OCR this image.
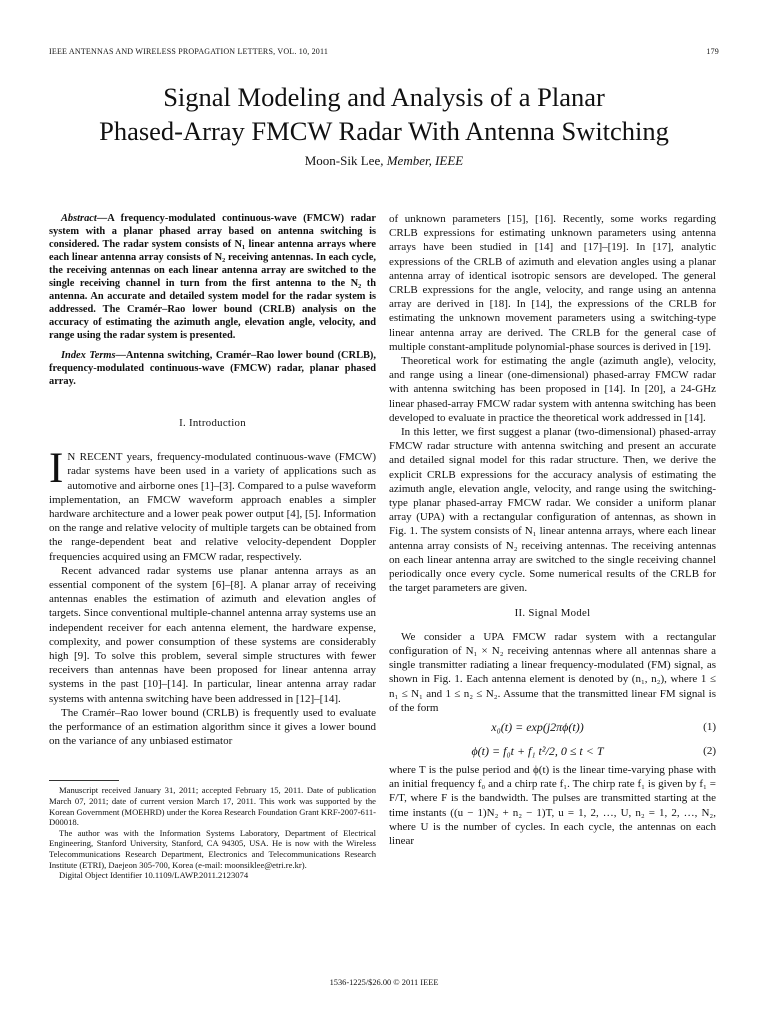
IEEE ANTENNAS AND WIRELESS PROPAGATION LETTERS, VOL. 10, 2011	179
Signal Modeling and Analysis of a Planar
Phased-Array FMCW Radar With Antenna Switching
Moon-Sik Lee, Member, IEEE

Abstract—A frequency-modulated continuous-wave (FMCW) radar system with a planar phased array based on antenna switching is considered. The radar system consists of N₁ linear antenna arrays where each linear antenna array consists of N₂ receiving antennas. In each cycle, the receiving antennas on each linear antenna array are switched to the single receiving channel in turn from the first antenna to the N₂ th antenna. An accurate and detailed system model for the radar system is addressed. The Cramér–Rao lower bound (CRLB) analysis on the accuracy of estimating the azimuth angle, elevation angle, velocity, and range using the radar system is presented.

Index Terms—Antenna switching, Cramér–Rao lower bound (CRLB), frequency-modulated continuous-wave (FMCW) radar, planar phased array.

I. Introduction

I N RECENT years, frequency-modulated continuous-wave (FMCW) radar systems have been used in a variety of applications such as automotive and airborne ones [1]–[3]. Compared to a pulse waveform implementation, an FMCW waveform approach enables a simpler hardware architecture and a lower peak power output [4], [5]. Information on the range and relative velocity of multiple targets can be obtained from the range-dependent beat and relative velocity-dependent Doppler frequencies acquired using an FMCW radar, respectively.

Recent advanced radar systems use planar antenna arrays as an essential component of the system [6]–[8]. A planar array of receiving antennas enables the estimation of azimuth and elevation angles of targets. Since conventional multiple-channel antenna array systems use an independent receiver for each antenna element, the hardware expense, complexity, and power consumption of these systems are considerably high [9]. To solve this problem, several simple structures with fewer receivers than antennas have been proposed for linear antenna array systems in the past [10]–[14]. In particular, linear antenna array radar systems with antenna switching have been addressed in [12]–[14].

The Cramér–Rao lower bound (CRLB) is frequently used to evaluate the performance of an estimation algorithm since it gives a lower bound on the variance of any unbiased estimator

Manuscript received January 31, 2011; accepted February 15, 2011. Date of publication March 07, 2011; date of current version March 17, 2011. This work was supported by the Korean Government (MOEHRD) under the Korea Research Foundation Grant KRF-2007-611-D00018.

The author was with the Information Systems Laboratory, Department of Electrical Engineering, Stanford University, Stanford, CA 94305, USA. He is now with the Wireless Telecommunications Research Department, Electronics and Telecommunications Research Institute (ETRI), Daejeon 305-700, Korea (e-mail: moonsiklee@etri.re.kr).

Digital Object Identifier 10.1109/LAWP.2011.2123074

of unknown parameters [15], [16]. Recently, some works regarding CRLB expressions for estimating unknown parameters using antenna arrays have been studied in [14] and [17]–[19]. In [17], analytic expressions of the CRLB of azimuth and elevation angles using a planar antenna array of identical isotropic sensors are developed. The general CRLB expressions for the angle, velocity, and range using an antenna array are derived in [18]. In [14], the expressions of the CRLB for estimating the unknown movement parameters using a switching-type linear antenna array are derived. The CRLB for the general case of multiple constant-amplitude polynomial-phase sources is derived in [19].

Theoretical work for estimating the angle (azimuth angle), velocity, and range using a linear (one-dimensional) phased-array FMCW radar with antenna switching has been proposed in [14]. In [20], a 24-GHz linear phased-array FMCW radar system with antenna switching has been developed to evaluate in practice the theoretical work addressed in [14].

In this letter, we first suggest a planar (two-dimensional) phased-array FMCW radar structure with antenna switching and present an accurate and detailed signal model for this radar structure. Then, we derive the explicit CRLB expressions for the accuracy analysis of estimating the azimuth angle, elevation angle, velocity, and range using the switching-type planar phased-array FMCW radar. We consider a uniform planar array (UPA) with a rectangular configuration of antennas, as shown in Fig. 1. The system consists of N₁ linear antenna arrays, where each linear antenna array consists of N₂ receiving antennas. The receiving antennas on each linear antenna array are switched to the single receiving channel periodically once every cycle. Some numerical results of the CRLB for the target parameters are given.

II. Signal Model

We consider a UPA FMCW radar system with a rectangular configuration of N₁ × N₂ receiving antennas where all antennas share a single transmitter radiating a linear frequency-modulated (FM) signal, as shown in Fig. 1. Each antenna element is denoted by (n₁, n₂), where 1 ≤ n₁ ≤ N₁ and 1 ≤ n₂ ≤ N₂. Assume that the transmitted linear FM signal is of the form

x₀(t) = exp(j2πϕ(t))	(1)
ϕ(t) = f₀t + f₁ t²/2, 0 ≤ t < T	(2)

where T is the pulse period and ϕ(t) is the linear time-varying phase with an initial frequency f₀ and a chirp rate f₁. The chirp rate f₁ is given by f₁ = F/T, where F is the bandwidth. The pulses are transmitted starting at the time instants ((u − 1)N₂ + n₂ − 1)T, u = 1, 2, …, U, n₂ = 1, 2, …, N₂, where U is the number of cycles. In each cycle, the antennas on each linear

1536-1225/$26.00 © 2011 IEEE
